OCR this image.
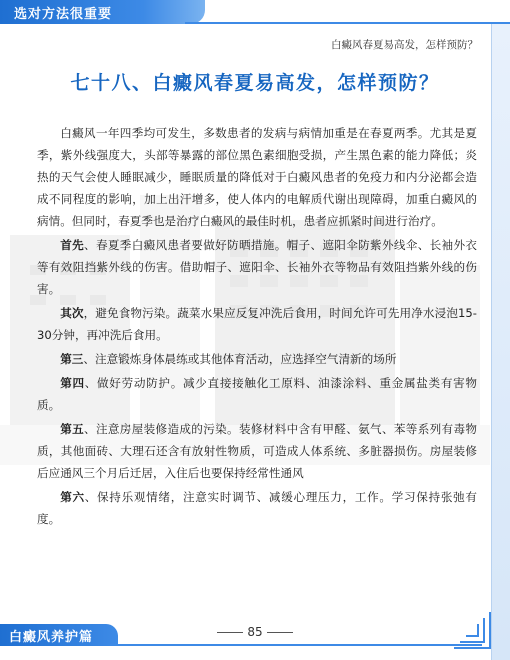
选对方法很重要
白癜风春夏易高发，怎样预防？
七十八、白癜风春夏易高发，怎样预防？

白癜风一年四季均可发生，多数患者的发病与病情加重是在春夏两季。尤其是夏季，紫外线强度大，头部等暴露的部位黑色素细胞受损，产生黑色素的能力降低；炎热的天气会使人睡眠减少，睡眠质量的降低对于白癜风患者的免疫力和内分泌都会造成不同程度的影响，加上出汗增多，使人体内的电解质代谢出现障碍，加重白癜风的病情。但同时，春夏季也是治疗白癜风的最佳时机，患者应抓紧时间进行治疗。

首先、春夏季白癜风患者要做好防晒措施。帽子、遮阳伞防紫外线伞、长袖外衣等有效阻挡紫外线的伤害。借助帽子、遮阳伞、长袖外衣等物品有效阻挡紫外线的伤害。

其次，避免食物污染。蔬菜水果应反复冲洗后食用，时间允许可先用净水浸泡15-30分钟，再冲洗后食用。

第三、注意锻炼身体晨练或其他体育活动，应选择空气清新的场所

第四、做好劳动防护。减少直接接触化工原料、油漆涂料、重金属盐类有害物质。

第五、注意房屋装修造成的污染。装修材料中含有甲醛、氨气、苯等系列有毒物质，其他面砖、大理石还含有放射性物质，可造成人体系统、多脏器损伤。房屋装修后应通风三个月后迁居，入住后也要保持经常性通风

第六、保持乐观情绪，注意实时调节、减缓心理压力，工作。学习保持张弛有度。

白癜风养护篇	85
